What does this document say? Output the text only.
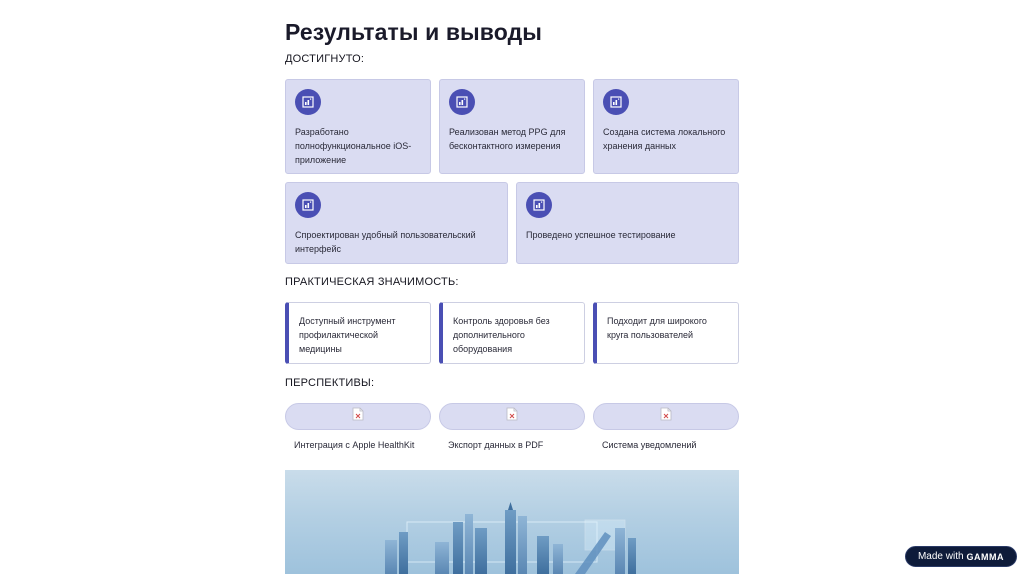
Результаты и выводы

ДОСТИГНУТО:

Разработано полнофункциональное iOS-приложение
Реализован метод PPG для бесконтактного измерения
Создана система локального хранения данных
Спроектирован удобный пользовательский интерфейс
Проведено успешное тестирование

ПРАКТИЧЕСКАЯ ЗНАЧИМОСТЬ:

Доступный инструмент профилактической медицины
Контроль здоровья без дополнительного оборудования
Подходит для широкого круга пользователей

ПЕРСПЕКТИВЫ:

Интеграция с Apple HealthKit	Экспорт данных в PDF	Система уведомлений
Made with GAMMA
